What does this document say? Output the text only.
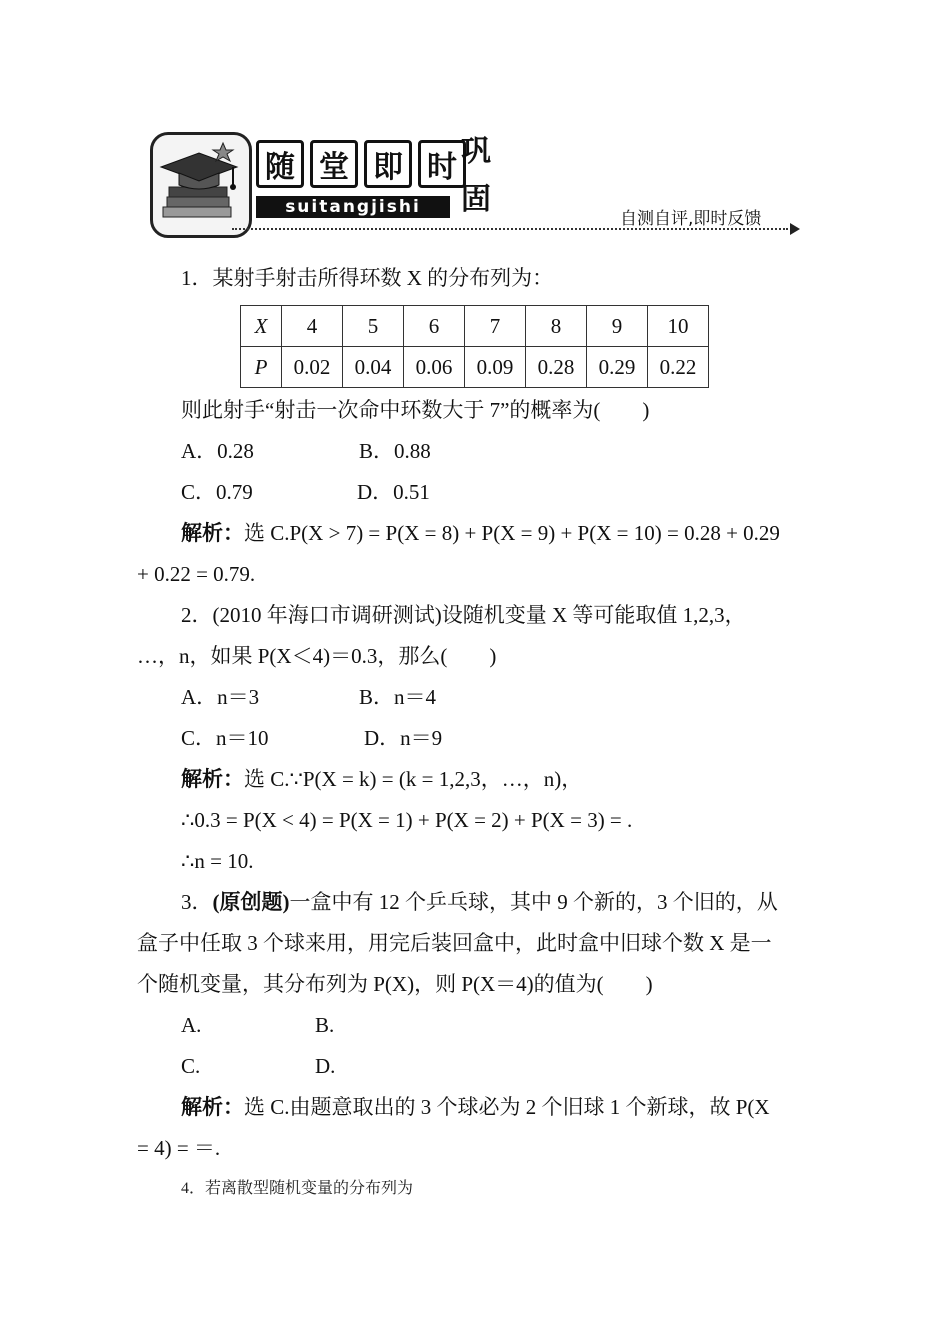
随 堂 即 时
suitangjishi
巩
固
自测自评,即时反馈
1．某射手射击所得环数 X 的分布列为：
X	4	5	6	7	8	9	10
P	0.02	0.04	0.06	0.09	0.28	0.29	0.22
则此射手“射击一次命中环数大于 7”的概率为(　　)
A．0.28	B．0.88
C．0.79	D．0.51
解析：选 C.P(X > 7) = P(X = 8) + P(X = 9) + P(X = 10) = 0.28 + 0.29
+ 0.22 = 0.79.
2．(2010 年海口市调研测试)设随机变量 X 等可能取值 1,2,3，
…，n，如果 P(X＜4)＝0.3，那么(　　)
A．n＝3	B．n＝4
C．n＝10	D．n＝9
解析：选 C.∵P(X = k) = (k = 1,2,3，…，n)，
∴0.3 = P(X < 4) = P(X = 1) + P(X = 2) + P(X = 3) = .
∴n = 10.
3．(原创题)一盒中有 12 个乒乓球，其中 9 个新的，3 个旧的，从
盒子中任取 3 个球来用，用完后装回盒中，此时盒中旧球个数 X 是一
个随机变量，其分布列为 P(X)，则 P(X＝4)的值为(　　)
A.	B.
C.	D.
解析：选 C.由题意取出的 3 个球必为 2 个旧球 1 个新球，故 P(X
= 4) = ＝.
4．若离散型随机变量的分布列为
